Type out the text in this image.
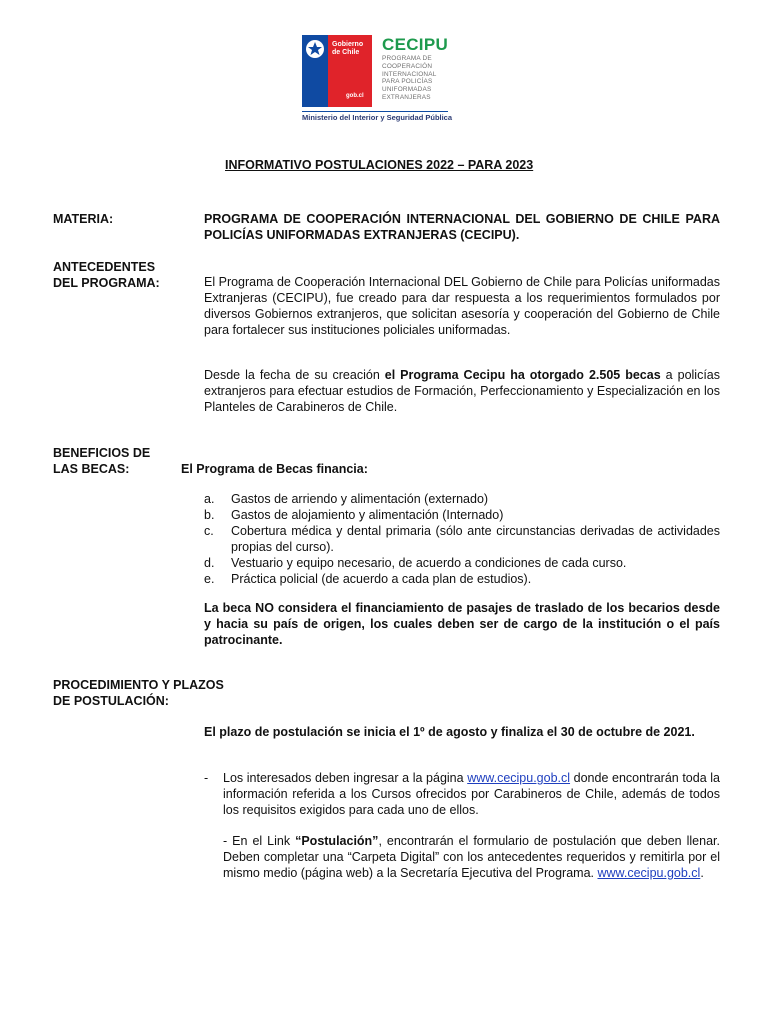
Gobierno
de Chile
gob.cl
Ministerio del Interior y Seguridad Pública
CECIPU
PROGRAMA DE
COOPERACIÓN
INTERNACIONAL
PARA POLICÍAS
UNIFORMADAS
EXTRANJERAS
INFORMATIVO POSTULACIONES 2022 – PARA 2023
MATERIA:	PROGRAMA DE COOPERACIÓN INTERNACIONAL DEL GOBIERNO DE CHILE PARA POLICÍAS UNIFORMADAS EXTRANJERAS (CECIPU).
ANTECEDENTES
DEL PROGRAMA:	El Programa de Cooperación Internacional DEL Gobierno de Chile para Policías uniformadas Extranjeras (CECIPU), fue creado para dar respuesta a los requerimientos formulados por diversos Gobiernos extranjeros, que solicitan asesoría y cooperación del Gobierno de Chile para fortalecer sus instituciones policiales uniformadas.
Desde la fecha de su creación el Programa Cecipu ha otorgado 2.505 becas a policías extranjeros para efectuar estudios de Formación, Perfeccionamiento y Especialización en los Planteles de Carabineros de Chile.
BENEFICIOS DE
LAS BECAS:	El Programa de Becas financia:
a. Gastos de arriendo y alimentación (externado)
b. Gastos de alojamiento y alimentación (Internado)
c. Cobertura médica y dental primaria (sólo ante circunstancias derivadas de actividades propias del curso).
d. Vestuario y equipo necesario, de acuerdo a condiciones de cada curso.
e. Práctica policial (de acuerdo a cada plan de estudios).
La beca NO considera el financiamiento de pasajes de traslado de los becarios desde y hacia su país de origen, los cuales deben ser de cargo de la institución o el país patrocinante.
PROCEDIMIENTO Y PLAZOS
DE POSTULACIÓN:
El plazo de postulación se inicia el 1º de agosto y finaliza el 30 de octubre de 2021.
- Los interesados deben ingresar a la página www.cecipu.gob.cl donde encontrarán toda la información referida a los Cursos ofrecidos por Carabineros de Chile, además de todos los requisitos exigidos para cada uno de ellos.
- En el Link “Postulación”, encontrarán el formulario de postulación que deben llenar. Deben completar una “Carpeta Digital” con los antecedentes requeridos y remitirla por el mismo medio (página web) a la Secretaría Ejecutiva del Programa. www.cecipu.gob.cl.
